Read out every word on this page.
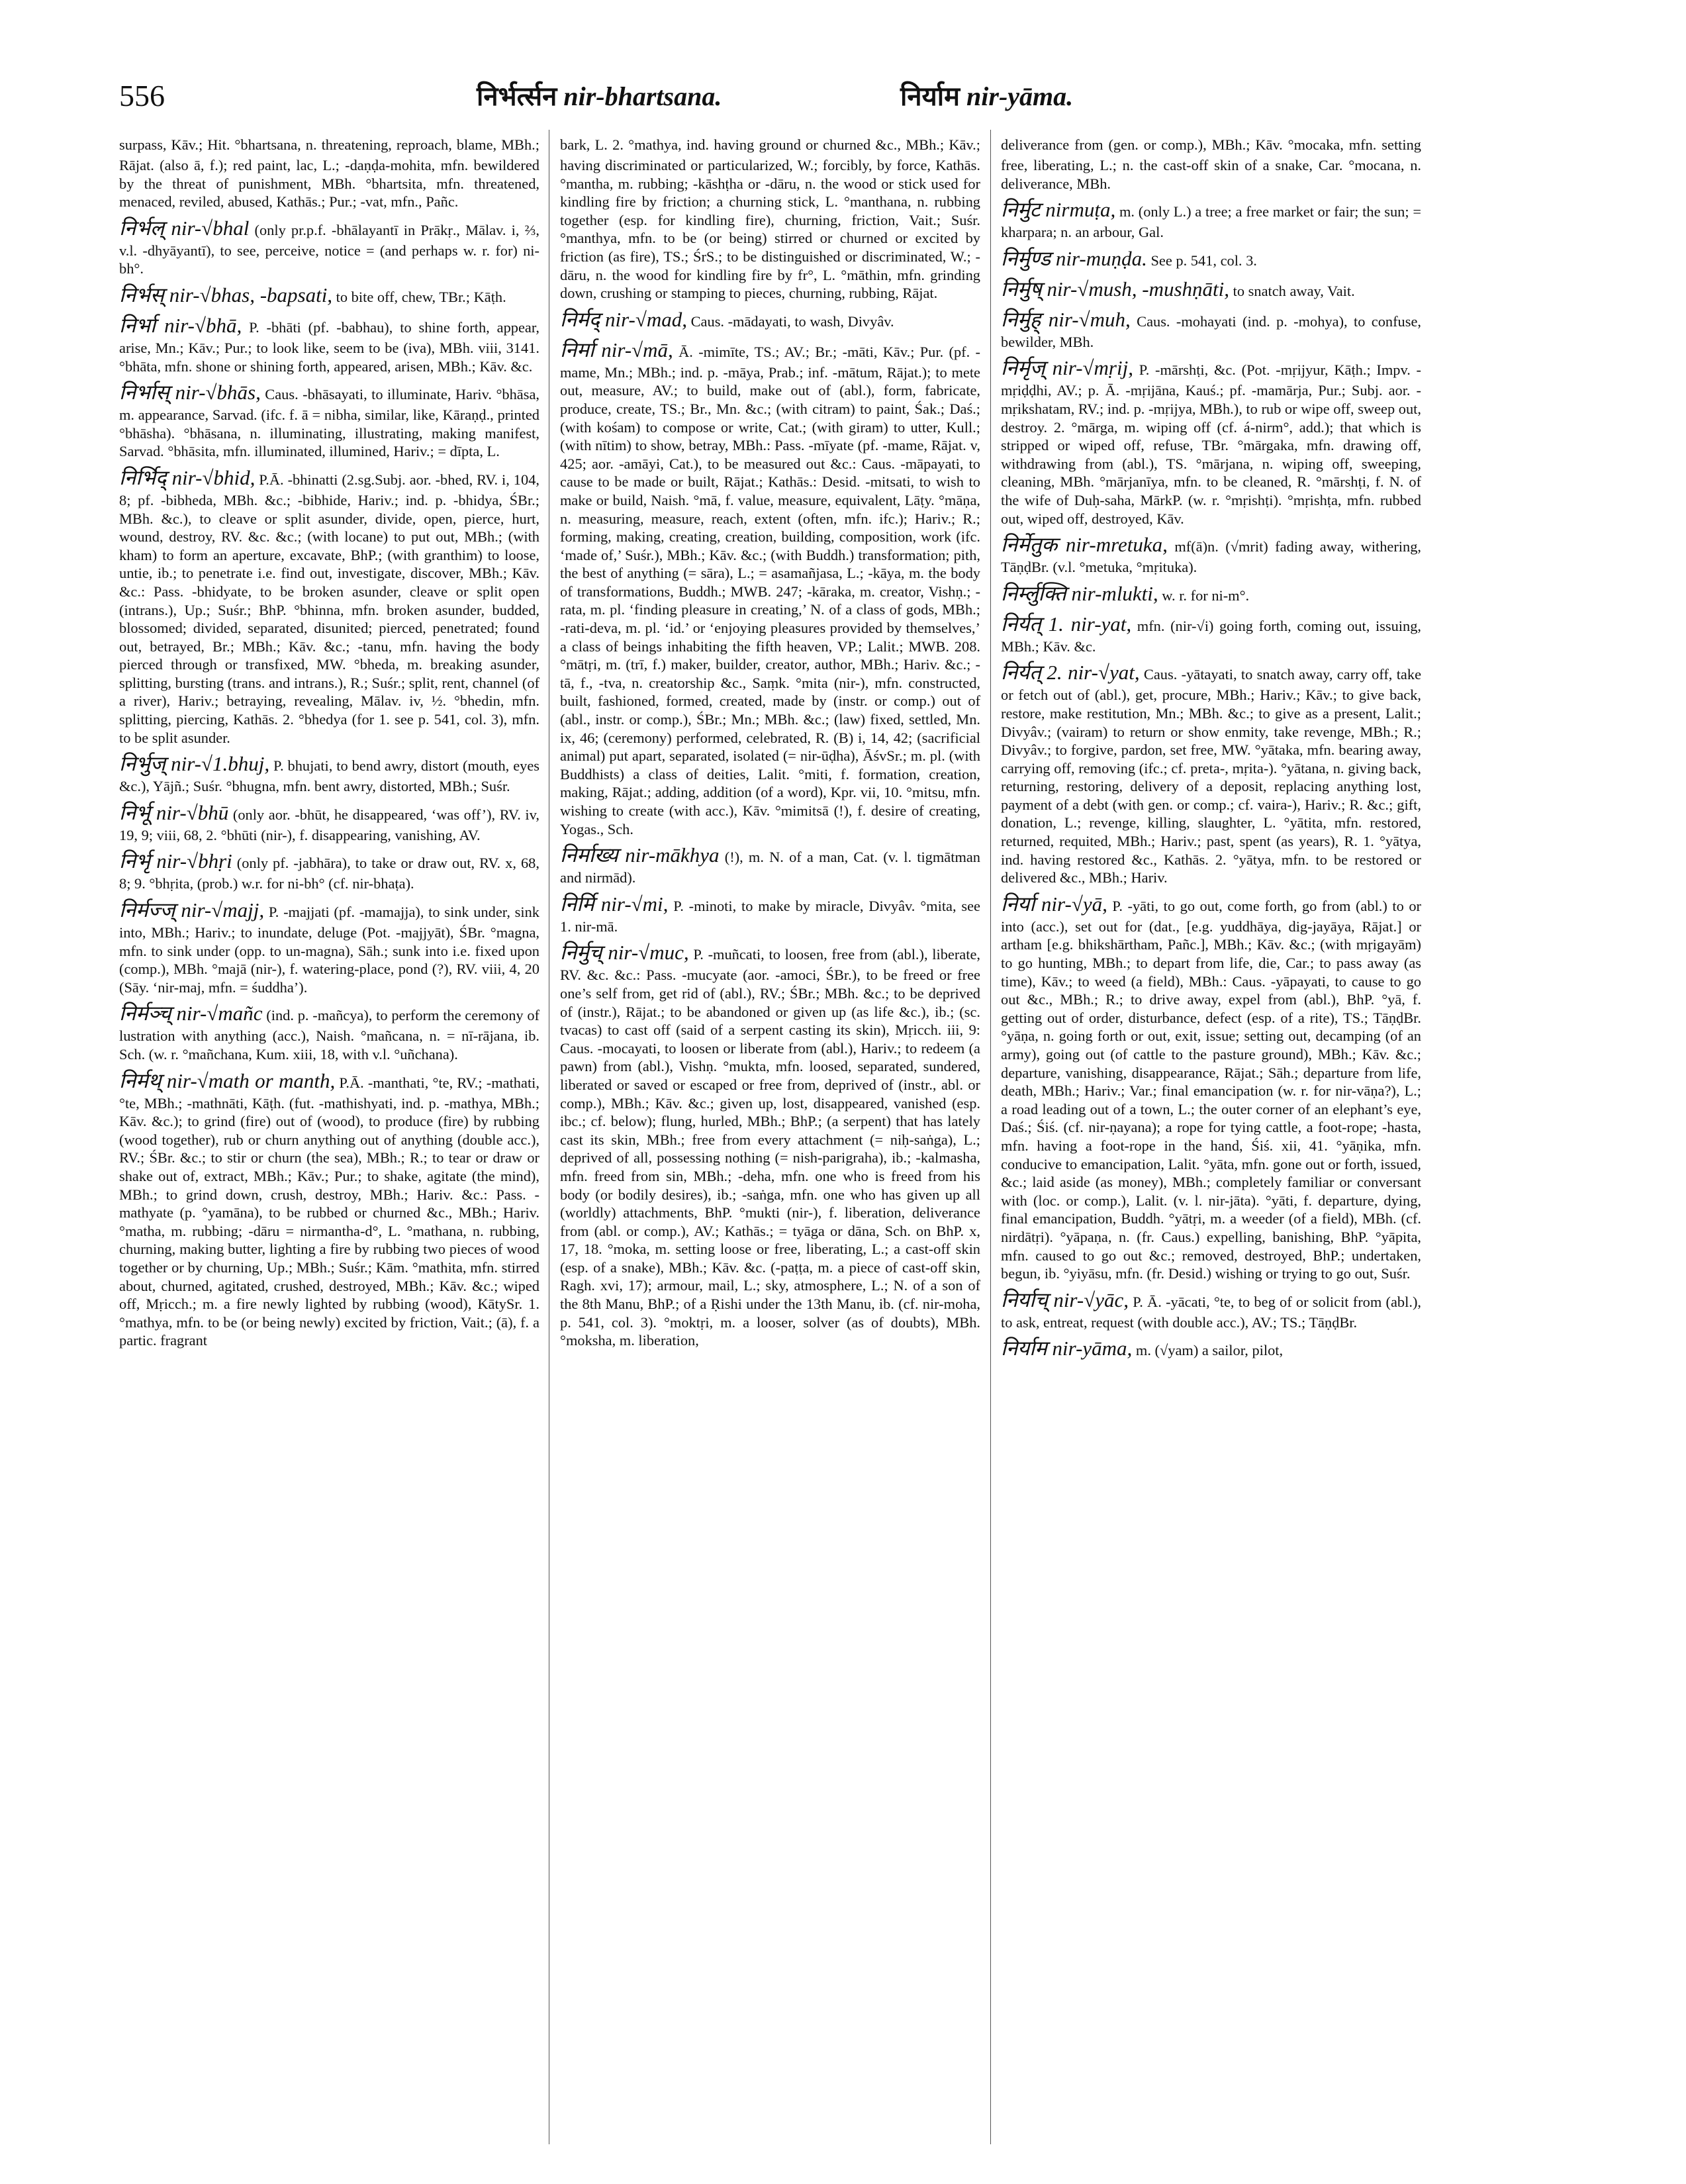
556	निर्भर्त्सन nir-bhartsana.	निर्याम nir-yāma.

surpass, Kāv.; Hit. °bhartsana, n. threatening, reproach, blame, MBh.; Rājat. (also ā, f.); red paint, lac, L.; -daṇḍa-mohita, mfn. bewildered by the threat of punishment, MBh. °bhartsita, mfn. threatened, menaced, reviled, abused, Kathās.; Pur.; -vat, mfn., Pañc.

निर्भल् nir-√bhal (only pr.p.f. -bhālayantī in Prākṛ., Mālav. i, ⅔, v.l. -dhyāyantī), to see, perceive, notice = (and perhaps w. r. for) ni-bh°.

निर्भस् nir-√bhas, -bapsati, to bite off, chew, TBr.; Kāṭh.

निर्भा nir-√bhā, P. -bhāti (pf. -babhau), to shine forth, appear, arise, Mn.; Kāv.; Pur.; to look like, seem to be (iva), MBh. viii, 3141. °bhāta, mfn. shone or shining forth, appeared, arisen, MBh.; Kāv. &c.

निर्भास् nir-√bhās, Caus. -bhāsayati, to illuminate, Hariv. °bhāsa, m. appearance, Sarvad. (ifc. f. ā = nibha, similar, like, Kāraṇḍ., printed °bhāsha). °bhāsana, n. illuminating, illustrating, making manifest, Sarvad. °bhāsita, mfn. illuminated, illumined, Hariv.; = dīpta, L.

निर्भिद् nir-√bhid, P.Ā. -bhinatti (2.sg.Subj. aor. -bhed, RV. i, 104, 8; pf. -bibheda, MBh. &c.; -bibhide, Hariv.; ind. p. -bhidya, ŚBr.; MBh. &c.), to cleave or split asunder, divide, open, pierce, hurt, wound, destroy, RV. &c. &c.; (with locane) to put out, MBh.; (with kham) to form an aperture, excavate, BhP.; (with granthim) to loose, untie, ib.; to penetrate i.e. find out, investigate, discover, MBh.; Kāv. &c.: Pass. -bhidyate, to be broken asunder, cleave or split open (intrans.), Up.; Suśr.; BhP. °bhinna, mfn. broken asunder, budded, blossomed; divided, separated, disunited; pierced, penetrated; found out, betrayed, Br.; MBh.; Kāv. &c.; -tanu, mfn. having the body pierced through or transfixed, MW. °bheda, m. breaking asunder, splitting, bursting (trans. and intrans.), R.; Suśr.; split, rent, channel (of a river), Hariv.; betraying, revealing, Mālav. iv, ½. °bhedin, mfn. splitting, piercing, Kathās. 2. °bhedya (for 1. see p. 541, col. 3), mfn. to be split asunder.

निर्भुज् nir-√1.bhuj, P. bhujati, to bend awry, distort (mouth, eyes &c.), Yājñ.; Suśr. °bhugna, mfn. bent awry, distorted, MBh.; Suśr.

निर्भू nir-√bhū (only aor. -bhūt, he disappeared, ‘was off’), RV. iv, 19, 9; viii, 68, 2. °bhūti (nir-), f. disappearing, vanishing, AV.

निर्भृ nir-√bhṛi (only pf. -jabhāra), to take or draw out, RV. x, 68, 8; 9. °bhṛita, (prob.) w.r. for ni-bh° (cf. nir-bhaṭa).

निर्मज्ज् nir-√majj, P. -majjati (pf. -mamajja), to sink under, sink into, MBh.; Hariv.; to inundate, deluge (Pot. -majjyāt), ŚBr. °magna, mfn. to sink under (opp. to un-magna), Sāh.; sunk into i.e. fixed upon (comp.), MBh. °majā (nir-), f. watering-place, pond (?), RV. viii, 4, 20 (Sāy. ‘nir-maj, mfn. = śuddha’).

निर्मञ्च् nir-√mañc (ind. p. -mañcya), to perform the ceremony of lustration with anything (acc.), Naish. °mañcana, n. = nī-rājana, ib. Sch. (w. r. °mañchana, Kum. xiii, 18, with v.l. °uñchana).

निर्मथ् nir-√math or manth, P.Ā. -manthati, °te, RV.; -mathati, °te, MBh.; -mathnāti, Kāṭh. (fut. -mathishyati, ind. p. -mathya, MBh.; Kāv. &c.); to grind (fire) out of (wood), to produce (fire) by rubbing (wood together), rub or churn anything out of anything (double acc.), RV.; ŚBr. &c.; to stir or churn (the sea), MBh.; R.; to tear or draw or shake out of, extract, MBh.; Kāv.; Pur.; to shake, agitate (the mind), MBh.; to grind down, crush, destroy, MBh.; Hariv. &c.: Pass. -mathyate (p. °yamāna), to be rubbed or churned &c., MBh.; Hariv. °matha, m. rubbing; -dāru = nirmantha-d°, L. °mathana, n. rubbing, churning, making butter, lighting a fire by rubbing two pieces of wood together or by churning, Up.; MBh.; Suśr.; Kām. °mathita, mfn. stirred about, churned, agitated, crushed, destroyed, MBh.; Kāv. &c.; wiped off, Mṛicch.; m. a fire newly lighted by rubbing (wood), KātySr. 1. °mathya, mfn. to be (or being newly) excited by friction, Vait.; (ā), f. a partic. fragrant

bark, L. 2. °mathya, ind. having ground or churned &c., MBh.; Kāv.; having discriminated or particularized, W.; forcibly, by force, Kathās. °mantha, m. rubbing; -kāshṭha or -dāru, n. the wood or stick used for kindling fire by friction; a churning stick, L. °manthana, n. rubbing together (esp. for kindling fire), churning, friction, Vait.; Suśr. °manthya, mfn. to be (or being) stirred or churned or excited by friction (as fire), TS.; ŚrS.; to be distinguished or discriminated, W.; -dāru, n. the wood for kindling fire by fr°, L. °māthin, mfn. grinding down, crushing or stamping to pieces, churning, rubbing, Rājat.

निर्मद् nir-√mad, Caus. -mādayati, to wash, Divyâv.

निर्मा nir-√mā, Ā. -mimīte, TS.; AV.; Br.; -māti, Kāv.; Pur. (pf. -mame, Mn.; MBh.; ind. p. -māya, Prab.; inf. -mātum, Rājat.); to mete out, measure, AV.; to build, make out of (abl.), form, fabricate, produce, create, TS.; Br., Mn. &c.; (with citram) to paint, Śak.; Daś.; (with kośam) to compose or write, Cat.; (with giram) to utter, Kull.; (with nītim) to show, betray, MBh.: Pass. -mīyate (pf. -mame, Rājat. v, 425; aor. -amāyi, Cat.), to be measured out &c.: Caus. -māpayati, to cause to be made or built, Rājat.; Kathās.: Desid. -mitsati, to wish to make or build, Naish. °mā, f. value, measure, equivalent, Lāṭy. °māṇa, n. measuring, measure, reach, extent (often, mfn. ifc.); Hariv.; R.; forming, making, creating, creation, building, composition, work (ifc. ‘made of,’ Suśr.), MBh.; Kāv. &c.; (with Buddh.) transformation; pith, the best of anything (= sāra), L.; = asamañjasa, L.; -kāya, m. the body of transformations, Buddh.; MWB. 247; -kāraka, m. creator, Vishṇ.; -rata, m. pl. ‘finding pleasure in creating,’ N. of a class of gods, MBh.; -rati-deva, m. pl. ‘id.’ or ‘enjoying pleasures provided by themselves,’ a class of beings inhabiting the fifth heaven, VP.; Lalit.; MWB. 208. °mātṛi, m. (trī, f.) maker, builder, creator, author, MBh.; Hariv. &c.; -tā, f., -tva, n. creatorship &c., Saṃk. °mita (nir-), mfn. constructed, built, fashioned, formed, created, made by (instr. or comp.) out of (abl., instr. or comp.), ŚBr.; Mn.; MBh. &c.; (law) fixed, settled, Mn. ix, 46; (ceremony) performed, celebrated, R. (B) i, 14, 42; (sacrificial animal) put apart, separated, isolated (= nir-ūḍha), ĀśvSr.; m. pl. (with Buddhists) a class of deities, Lalit. °miti, f. formation, creation, making, Rājat.; adding, addition (of a word), Kpr. vii, 10. °mitsu, mfn. wishing to create (with acc.), Kāv. °mimitsā (!), f. desire of creating, Yogas., Sch.

निर्माख्य nir-mākhya (!), m. N. of a man, Cat. (v. l. tigmātman and nirmād).

निर्मि nir-√mi, P. -minoti, to make by miracle, Divyâv. °mita, see 1. nir-mā.

निर्मुच् nir-√muc, P. -muñcati, to loosen, free from (abl.), liberate, RV. &c. &c.: Pass. -mucyate (aor. -amoci, ŚBr.), to be freed or free one’s self from, get rid of (abl.), RV.; ŚBr.; MBh. &c.; to be deprived of (instr.), Rājat.; to be abandoned or given up (as life &c.), ib.; (sc. tvacas) to cast off (said of a serpent casting its skin), Mṛicch. iii, 9: Caus. -mocayati, to loosen or liberate from (abl.), Hariv.; to redeem (a pawn) from (abl.), Vishṇ. °mukta, mfn. loosed, separated, sundered, liberated or saved or escaped or free from, deprived of (instr., abl. or comp.), MBh.; Kāv. &c.; given up, lost, disappeared, vanished (esp. ibc.; cf. below); flung, hurled, MBh.; BhP.; (a serpent) that has lately cast its skin, MBh.; free from every attachment (= niḥ-saṅga), L.; deprived of all, possessing nothing (= nish-parigraha), ib.; -kalmasha, mfn. freed from sin, MBh.; -deha, mfn. one who is freed from his body (or bodily desires), ib.; -saṅga, mfn. one who has given up all (worldly) attachments, BhP. °mukti (nir-), f. liberation, deliverance from (abl. or comp.), AV.; Kathās.; = tyāga or dāna, Sch. on BhP. x, 17, 18. °moka, m. setting loose or free, liberating, L.; a cast-off skin (esp. of a snake), MBh.; Kāv. &c. (-paṭṭa, m. a piece of cast-off skin, Ragh. xvi, 17); armour, mail, L.; sky, atmosphere, L.; N. of a son of the 8th Manu, BhP.; of a Ṛishi under the 13th Manu, ib. (cf. nir-moha, p. 541, col. 3). °moktṛi, m. a looser, solver (as of doubts), MBh. °moksha, m. liberation,

deliverance from (gen. or comp.), MBh.; Kāv. °mocaka, mfn. setting free, liberating, L.; n. the cast-off skin of a snake, Car. °mocana, n. deliverance, MBh.

निर्मुट nirmuṭa, m. (only L.) a tree; a free market or fair; the sun; = kharpara; n. an arbour, Gal.

निर्मुण्ड nir-muṇḍa. See p. 541, col. 3.

निर्मुष् nir-√mush, -mushṇāti, to snatch away, Vait.

निर्मुह् nir-√muh, Caus. -mohayati (ind. p. -mohya), to confuse, bewilder, MBh.

निर्मृज् nir-√mṛij, P. -mārshṭi, &c. (Pot. -mṛijyur, Kāṭh.; Impv. -mṛiḍḍhi, AV.; p. Ā. -mṛijāna, Kauś.; pf. -mamārja, Pur.; Subj. aor. -mṛikshatam, RV.; ind. p. -mṛijya, MBh.), to rub or wipe off, sweep out, destroy. 2. °mārga, m. wiping off (cf. á-nirm°, add.); that which is stripped or wiped off, refuse, TBr. °mārgaka, mfn. drawing off, withdrawing from (abl.), TS. °mārjana, n. wiping off, sweeping, cleaning, MBh. °mārjanīya, mfn. to be cleaned, R. °mārshṭi, f. N. of the wife of Duḥ-saha, MārkP. (w. r. °mṛishṭi). °mṛishṭa, mfn. rubbed out, wiped off, destroyed, Kāv.

निर्मेतुक nir-mretuka, mf(ā)n. (√mrit) fading away, withering, TāṇḍBr. (v.l. °metuka, °mṛituka).

निर्म्लुक्ति nir-mlukti, w. r. for ni-m°.

निर्यत् 1. nir-yat, mfn. (nir-√i) going forth, coming out, issuing, MBh.; Kāv. &c.

निर्यत् 2. nir-√yat, Caus. -yātayati, to snatch away, carry off, take or fetch out of (abl.), get, procure, MBh.; Hariv.; Kāv.; to give back, restore, make restitution, Mn.; MBh. &c.; to give as a present, Lalit.; Divyâv.; (vairam) to return or show enmity, take revenge, MBh.; R.; Divyâv.; to forgive, pardon, set free, MW. °yātaka, mfn. bearing away, carrying off, removing (ifc.; cf. preta-, mṛita-). °yātana, n. giving back, returning, restoring, delivery of a deposit, replacing anything lost, payment of a debt (with gen. or comp.; cf. vaira-), Hariv.; R. &c.; gift, donation, L.; revenge, killing, slaughter, L. °yātita, mfn. restored, returned, requited, MBh.; Hariv.; past, spent (as years), R. 1. °yātya, ind. having restored &c., Kathās. 2. °yātya, mfn. to be restored or delivered &c., MBh.; Hariv.

निर्या nir-√yā, P. -yāti, to go out, come forth, go from (abl.) to or into (acc.), set out for (dat., [e.g. yuddhāya, dig-jayāya, Rājat.] or artham [e.g. bhikshārtham, Pañc.], MBh.; Kāv. &c.; (with mṛigayām) to go hunting, MBh.; to depart from life, die, Car.; to pass away (as time), Kāv.; to weed (a field), MBh.: Caus. -yāpayati, to cause to go out &c., MBh.; R.; to drive away, expel from (abl.), BhP. °yā, f. getting out of order, disturbance, defect (esp. of a rite), TS.; TāṇḍBr. °yāṇa, n. going forth or out, exit, issue; setting out, decamping (of an army), going out (of cattle to the pasture ground), MBh.; Kāv. &c.; departure, vanishing, disappearance, Rājat.; Sāh.; departure from life, death, MBh.; Hariv.; Var.; final emancipation (w. r. for nir-vāṇa?), L.; a road leading out of a town, L.; the outer corner of an elephant’s eye, Daś.; Śiś. (cf. nir-ṇayana); a rope for tying cattle, a foot-rope; -hasta, mfn. having a foot-rope in the hand, Śiś. xii, 41. °yāṇika, mfn. conducive to emancipation, Lalit. °yāta, mfn. gone out or forth, issued, &c.; laid aside (as money), MBh.; completely familiar or conversant with (loc. or comp.), Lalit. (v. l. nir-jāta). °yāti, f. departure, dying, final emancipation, Buddh. °yātṛi, m. a weeder (of a field), MBh. (cf. nirdātṛi). °yāpaṇa, n. (fr. Caus.) expelling, banishing, BhP. °yāpita, mfn. caused to go out &c.; removed, destroyed, BhP.; undertaken, begun, ib. °yiyāsu, mfn. (fr. Desid.) wishing or trying to go out, Suśr.

निर्याच् nir-√yāc, P. Ā. -yācati, °te, to beg of or solicit from (abl.), to ask, entreat, request (with double acc.), AV.; TS.; TāṇḍBr.

निर्याम nir-yāma, m. (√yam) a sailor, pilot,
